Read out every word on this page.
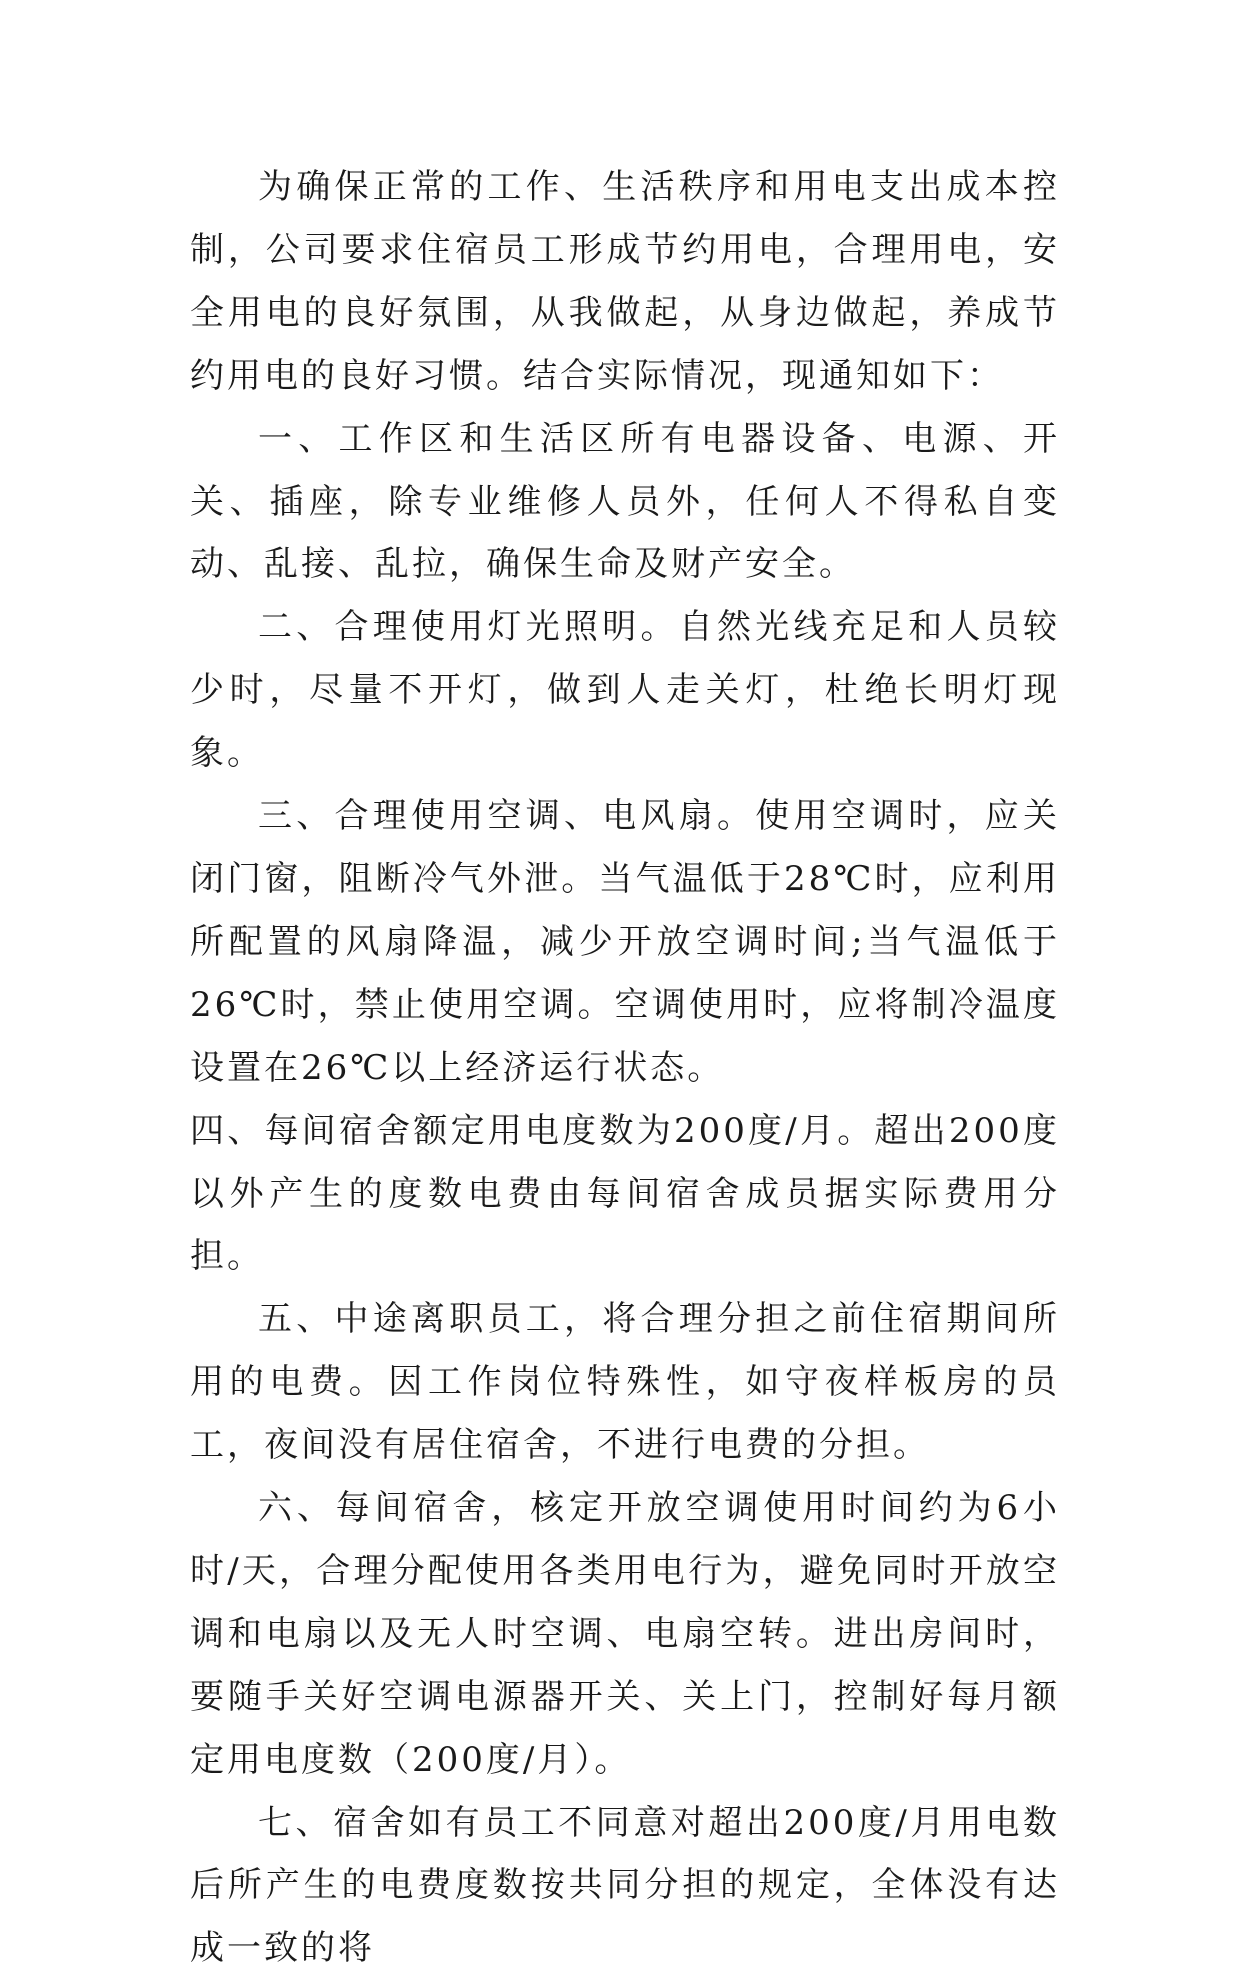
为确保正常的工作、生活秩序和用电支出成本控制，公司要求住宿员工形成节约用电，合理用电，安全用电的良好氛围，从我做起，从身边做起，养成节约用电的良好习惯。结合实际情况，现通知如下：

一、工作区和生活区所有电器设备、电源、开关、插座，除专业维修人员外，任何人不得私自变动、乱接、乱拉，确保生命及财产安全。

二、合理使用灯光照明。自然光线充足和人员较少时，尽量不开灯，做到人走关灯，杜绝长明灯现象。

三、合理使用空调、电风扇。使用空调时，应关闭门窗，阻断冷气外泄。当气温低于28℃时，应利用所配置的风扇降温，减少开放空调时间;当气温低于26℃时，禁止使用空调。空调使用时，应将制冷温度设置在26℃以上经济运行状态。

四、每间宿舍额定用电度数为200度/月。超出200度以外产生的度数电费由每间宿舍成员据实际费用分担。

五、中途离职员工，将合理分担之前住宿期间所用的电费。因工作岗位特殊性，如守夜样板房的员工，夜间没有居住宿舍，不进行电费的分担。

六、每间宿舍，核定开放空调使用时间约为6小时/天，合理分配使用各类用电行为，避免同时开放空调和电扇以及无人时空调、电扇空转。进出房间时，要随手关好空调电源器开关、关上门，控制好每月额定用电度数（200度/月）。

七、宿舍如有员工不同意对超出200度/月用电数后所产生的电费度数按共同分担的规定，全体没有达成一致的将
